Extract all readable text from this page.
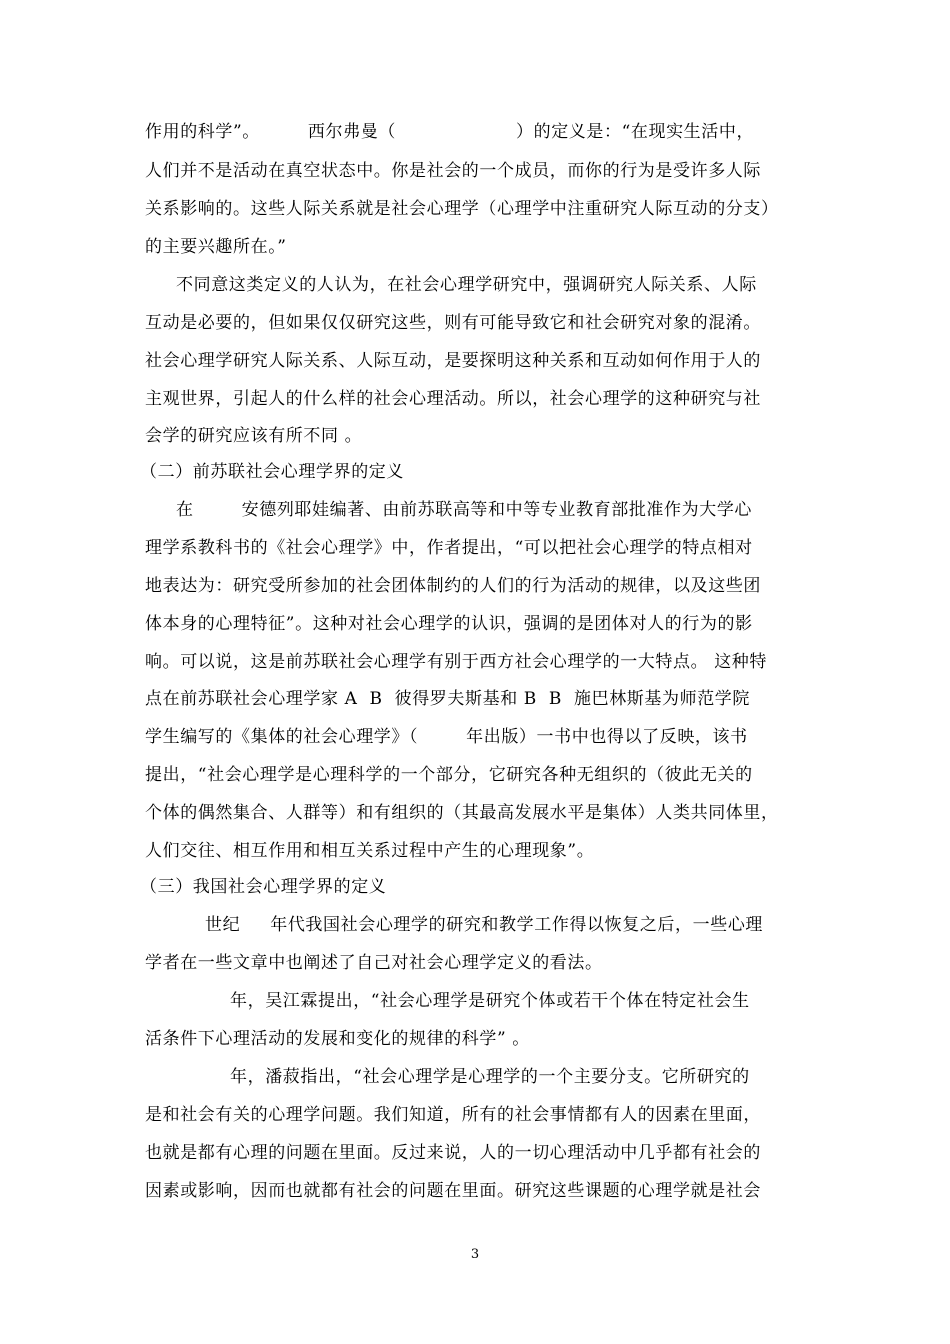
作用的科学”。        西尔弗曼（                    ）的定义是：“在现实生活中，
人们并不是活动在真空状态中。你是社会的一个成员，而你的行为是受许多人际
关系影响的。这些人际关系就是社会心理学（心理学中注重研究人际互动的分支）
的主要兴趣所在。”
不同意这类定义的人认为，在社会心理学研究中，强调研究人际关系、人际
互动是必要的，但如果仅仅研究这些，则有可能导致它和社会研究对象的混淆。
社会心理学研究人际关系、人际互动，是要探明这种关系和互动如何作用于人的
主观世界，引起人的什么样的社会心理活动。所以，社会心理学的这种研究与社
会学的研究应该有所不同 。
（二）前苏联社会心理学界的定义
在        安德列耶娃编著、由前苏联高等和中等专业教育部批准作为大学心
理学系教科书的《社会心理学》中，作者提出，“可以把社会心理学的特点相对
地表达为：研究受所参加的社会团体制约的人们的行为活动的规律，以及这些团
体本身的心理特征”。这种对社会心理学的认识，强调的是团体对人的行为的影
响。可以说，这是前苏联社会心理学有别于西方社会心理学的一大特点。 这种特
点在前苏联社会心理学家 A  B  彼得罗夫斯基和 B  B  施巴林斯基为师范学院
学生编写的《集体的社会心理学》（        年出版）一书中也得以了反映，该书
提出，“社会心理学是心理科学的一个部分，它研究各种无组织的（彼此无关的
个体的偶然集合、人群等）和有组织的（其最高发展水平是集体）人类共同体里，
人们交往、相互作用和相互关系过程中产生的心理现象”。
（三）我国社会心理学界的定义
世纪     年代我国社会心理学的研究和教学工作得以恢复之后，一些心理
学者在一些文章中也阐述了自己对社会心理学定义的看法。
年，吴江霖提出，“社会心理学是研究个体或若干个体在特定社会生
活条件下心理活动的发展和变化的规律的科学” 。
年，潘菽指出，“社会心理学是心理学的一个主要分支。它所研究的
是和社会有关的心理学问题。我们知道，所有的社会事情都有人的因素在里面，
也就是都有心理的问题在里面。反过来说，人的一切心理活动中几乎都有社会的
因素或影响，因而也就都有社会的问题在里面。研究这些课题的心理学就是社会
3
